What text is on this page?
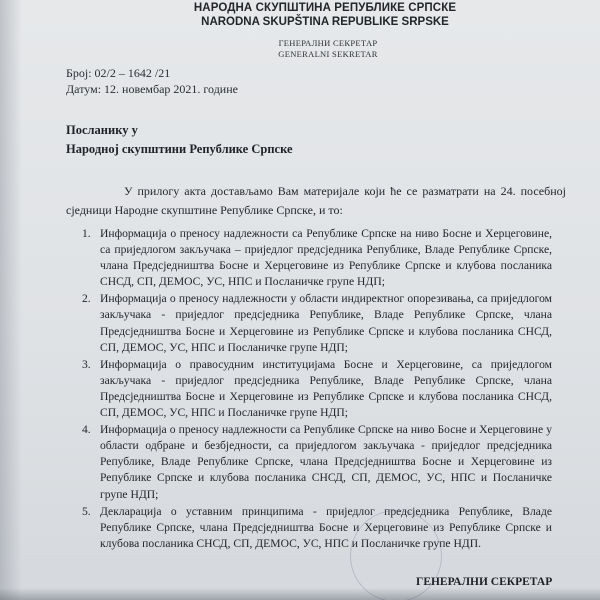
НАРОДНА СКУПШТИНА РЕПУБЛИКЕ СРПСКЕ
NARODNA SKUPŠTINA REPUBLIKE SRPSKE
ГЕНЕРАЛНИ СЕКРЕТАР
GENERALNI SEKRETAR
Број: 02/2 – 1642 /21
Датум: 12. новембар 2021. године
Посланику у
Народној скупштини Републике Српске
У прилогу акта достављамо Вам материјале који ће се разматрати на 24. посебној сједници Народне скупштине Републике Српске, и то:
1. Информација о преносу надлежности са Републике Српске на ниво Босне и Херцеговине, са приједлогом закључака – приједлог предсједника Републике, Владе Републике Српске, члана Предсједништва Босне и Херцеговине из Републике Српске и клубова посланика СНСД, СП, ДЕМОС, УС, НПС и Посланичке групе НДП;
2. Информација о преносу надлежности у области индиректног опорезивања, са приједлогом закључака - приједлог предсједника Републике, Владе Републике Српске, члана Предсједништва Босне и Херцеговине из Републике Српске и клубова посланика СНСД, СП, ДЕМОС, УС, НПС и Посланичке групе НДП;
3. Информација о правосудним институцијама Босне и Херцеговине, са приједлогом закључака - приједлог предсједника Републике, Владе Републике Српске, члана Предсједништва Босне и Херцеговине из Републике Српске и клубова посланика СНСД, СП, ДЕМОС, УС, НПС и Посланичке групе НДП;
4. Информација о преносу надлежности са Републике Српске на ниво Босне и Херцеговине у области одбране и безбједности, са приједлогом закључака - приједлог предсједника Републике, Владе Републике Српске, члана Предсједништва Босне и Херцеговине из Републике Српске и клубова посланика СНСД, СП, ДЕМОС, УС, НПС и Посланичке групе НДП;
5. Декларација о уставним принципима - приједлог предсједника Републике, Владе Републике Српске, члана Предсједништва Босне и Херцеговине из Републике Српске и клубова посланика СНСД, СП, ДЕМОС, УС, НПС и Посланичке групе НДП.
ГЕНЕРАЛНИ СЕКРЕТАР
